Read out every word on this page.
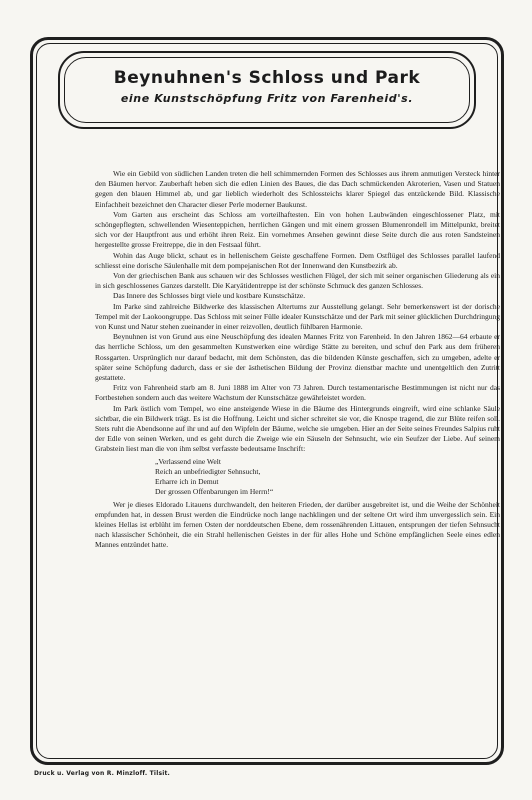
Beynuhnen's Schloss und Park
eine Kunstschöpfung Fritz von Farenheid's.

Wie ein Gebild von südlichen Landen treten die hell schimmernden Formen des Schlosses aus ihrem anmutigen Versteck hinter den Bäumen hervor. Zauberhaft heben sich die edlen Linien des Baues, die das Dach schmückenden Akroterien, Vasen und Statuen gegen den blauen Himmel ab, und gar lieblich wiederholt des Schlossteichs klarer Spiegel das entzückende Bild. Klassische Einfachheit bezeichnet den Character dieser Perle moderner Baukunst.

Vom Garten aus erscheint das Schloss am vorteilhaftesten. Ein von hohen Laubwänden eingeschlossener Platz, mit schöngepflegten, schwellenden Wiesenteppichen, herrlichen Gängen und mit einem grossen Blumenrondell im Mittelpunkt, breitet sich vor der Hauptfront aus und erhöht ihren Reiz. Ein vornehmes Ansehen gewinnt diese Seite durch die aus roten Sandsteinen hergestellte grosse Freitreppe, die in den Festsaal führt.

Wohin das Auge blickt, schaut es in hellenischem Geiste geschaffene Formen. Dem Ostflügel des Schlosses parallel laufend schliesst eine dorische Säulenhalle mit dem pompejanischen Rot der Innenwand den Kunstbezirk ab.

Von der griechischen Bank aus schauen wir des Schlosses westlichen Flügel, der sich mit seiner organischen Gliederung als ein in sich geschlossenes Ganzes darstellt. Die Karyätidentreppe ist der schönste Schmuck des ganzen Schlosses.

Das Innere des Schlosses birgt viele und kostbare Kunstschätze.

Im Parke sind zahlreiche Bildwerke des klassischen Altertums zur Ausstellung gelangt. Sehr bemerkenswert ist der dorische Tempel mit der Laokoongruppe. Das Schloss mit seiner Fülle idealer Kunstschätze und der Park mit seiner glücklichen Durchdringung von Kunst und Natur stehen zueinander in einer reizvollen, deutlich fühlbaren Harmonie.

Beynuhnen ist von Grund aus eine Neuschöpfung des idealen Mannes Fritz von Farenheid. In den Jahren 1862—64 erbaute er das herrliche Schloss, um den gesammelten Kunstwerken eine würdige Stätte zu bereiten, und schuf den Park aus dem früheren Rossgarten. Ursprünglich nur darauf bedacht, mit dem Schönsten, das die bildenden Künste geschaffen, sich zu umgeben, adelte er später seine Schöpfung dadurch, dass er sie der ästhetischen Bildung der Provinz dienstbar machte und unentgeltlich den Zutritt gestattete.

Fritz von Fahrenheid starb am 8. Juni 1888 im Alter von 73 Jahren. Durch testamentarische Bestimmungen ist nicht nur das Fortbestehen sondern auch das weitere Wachstum der Kunstschätze gewährleistet worden.

Im Park östlich vom Tempel, wo eine ansteigende Wiese in die Bäume des Hintergrunds eingreift, wird eine schlanke Säule sichtbar, die ein Bildwerk trägt. Es ist die Hoffnung. Leicht und sicher schreitet sie vor, die Knospe tragend, die zur Blüte reifen soll. Stets ruht die Abendsonne auf ihr und auf den Wipfeln der Bäume, welche sie umgeben. Hier an der Seite seines Freundes Salpius ruht der Edle von seinen Werken, und es geht durch die Zweige wie ein Säuseln der Sehnsucht, wie ein Seufzer der Liebe. Auf seinem Grabstein liest man die von ihm selbst verfasste bedeutsame Inschrift:

„Verlassend eine Welt
Reich an unbefriedigter Sehnsucht,
Erharre ich in Demut
Der grossen Offenbarungen im Herrn!“

Wer je dieses Eldorado Litauens durchwandelt, den heiteren Frieden, der darüber ausgebreitet ist, und die Weihe der Schönheit empfunden hat, in dessen Brust werden die Eindrücke noch lange nachklingen und der seltene Ort wird ihm unvergesslich sein. Ein kleines Hellas ist erblüht im fernen Osten der norddeutschen Ebene, dem rossenährenden Littauen, entsprungen der tiefen Sehnsucht nach klassischer Schönheit, die ein Strahl hellenischen Geistes in der für alles Hohe und Schöne empfänglichen Seele eines edlen Mannes entzündet hatte.

Druck u. Verlag von R. Minzloff. Tilsit.
